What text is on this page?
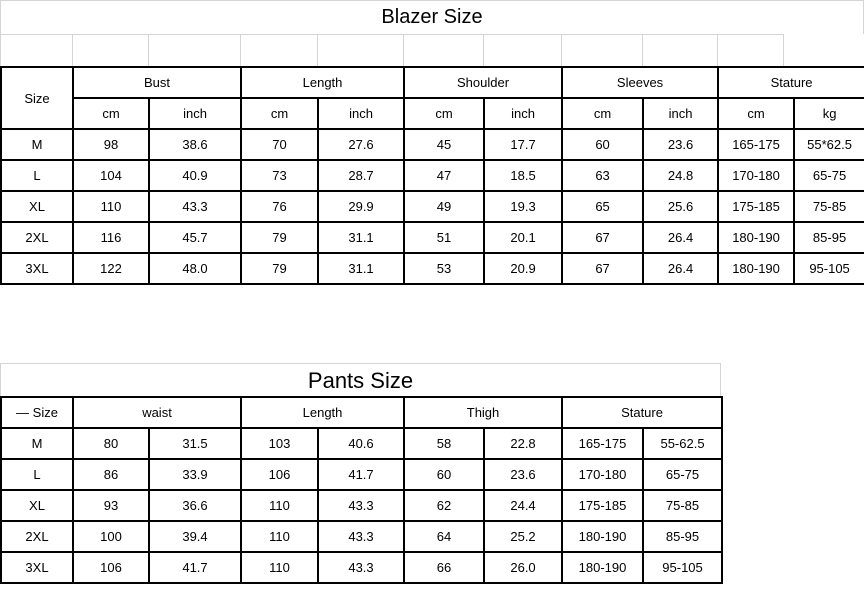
Blazer Size
Size	Bust		Length		Shoulder		Sleeves		Stature	
	cm	inch	cm	inch	cm	inch	cm	inch	cm	kg
M	98	38.6	70	27.6	45	17.7	60	23.6	165-175	55*62.5
L	104	40.9	73	28.7	47	18.5	63	24.8	170-180	65-75
XL	110	43.3	76	29.9	49	19.3	65	25.6	175-185	75-85
2XL	116	45.7	79	31.1	51	20.1	67	26.4	180-190	85-95
3XL	122	48.0	79	31.1	53	20.9	67	26.4	180-190	95-105
Pants Size
— Size	waist		Length		Thigh		Stature	
M	80	31.5	103	40.6	58	22.8	165-175	55-62.5
L	86	33.9	106	41.7	60	23.6	170-180	65-75
XL	93	36.6	110	43.3	62	24.4	175-185	75-85
2XL	100	39.4	110	43.3	64	25.2	180-190	85-95
3XL	106	41.7	110	43.3	66	26.0	180-190	95-105
